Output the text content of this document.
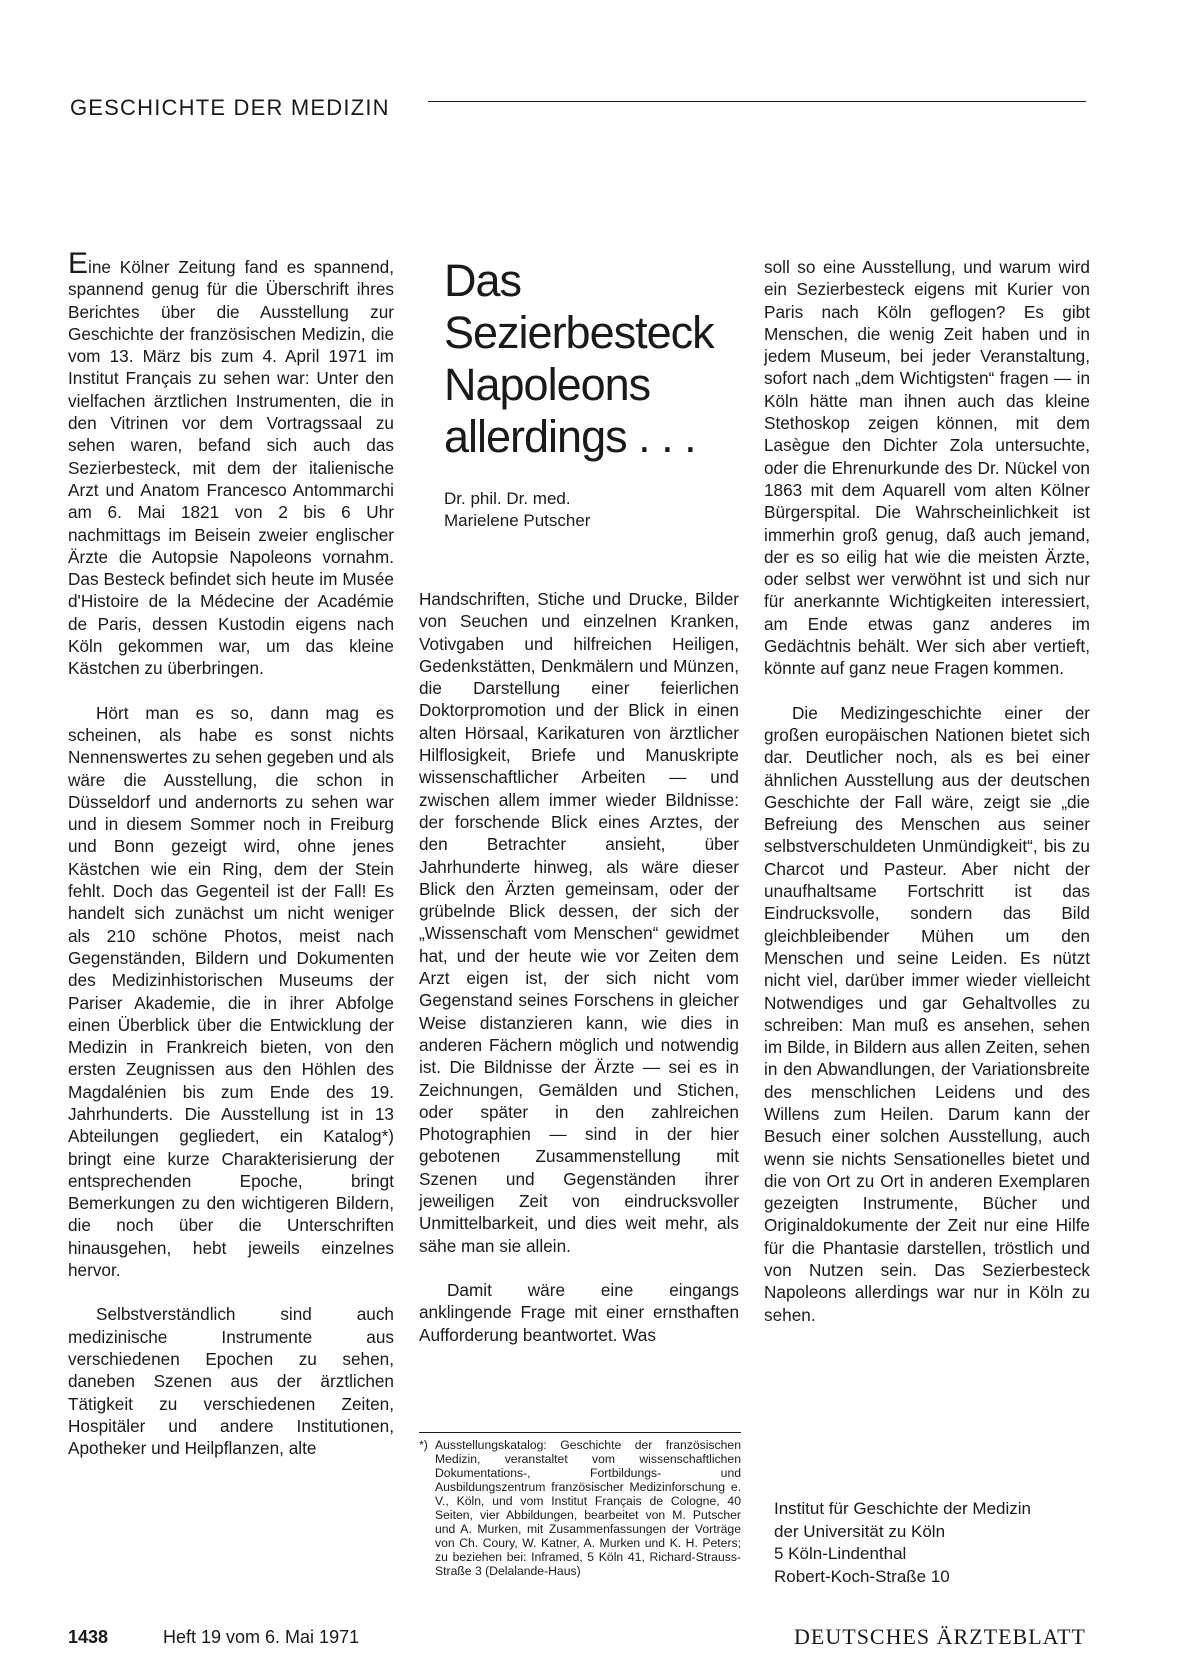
GESCHICHTE DER MEDIZIN

Eine Kölner Zeitung fand es spannend, spannend genug für die Überschrift ihres Berichtes über die Ausstellung zur Geschichte der französischen Medizin, die vom 13. März bis zum 4. April 1971 im Institut Français zu sehen war: Unter den vielfachen ärztlichen Instrumenten, die in den Vitrinen vor dem Vortragssaal zu sehen waren, befand sich auch das Sezierbesteck, mit dem der italienische Arzt und Anatom Francesco Antommarchi am 6. Mai 1821 von 2 bis 6 Uhr nachmittags im Beisein zweier englischer Ärzte die Autopsie Napoleons vornahm. Das Besteck befindet sich heute im Musée d'Histoire de la Médecine der Académie de Paris, dessen Kustodin eigens nach Köln gekommen war, um das kleine Kästchen zu überbringen.

Hört man es so, dann mag es scheinen, als habe es sonst nichts Nennenswertes zu sehen gegeben und als wäre die Ausstellung, die schon in Düsseldorf und andernorts zu sehen war und in diesem Sommer noch in Freiburg und Bonn gezeigt wird, ohne jenes Kästchen wie ein Ring, dem der Stein fehlt. Doch das Gegenteil ist der Fall! Es handelt sich zunächst um nicht weniger als 210 schöne Photos, meist nach Gegenständen, Bildern und Dokumenten des Medizinhistorischen Museums der Pariser Akademie, die in ihrer Abfolge einen Überblick über die Entwicklung der Medizin in Frankreich bieten, von den ersten Zeugnissen aus den Höhlen des Magdalénien bis zum Ende des 19. Jahrhunderts. Die Ausstellung ist in 13 Abteilungen gegliedert, ein Katalog*) bringt eine kurze Charakterisierung der entsprechenden Epoche, bringt Bemerkungen zu den wichtigeren Bildern, die noch über die Unterschriften hinausgehen, hebt jeweils einzelnes hervor.

Selbstverständlich sind auch medizinische Instrumente aus verschiedenen Epochen zu sehen, daneben Szenen aus der ärztlichen Tätigkeit zu verschiedenen Zeiten, Hospitäler und andere Institutionen, Apotheker und Heilpflanzen, alte

Das
Sezierbesteck
Napoleons
allerdings . . .
Dr. phil. Dr. med.
Marielene Putscher

Handschriften, Stiche und Drucke, Bilder von Seuchen und einzelnen Kranken, Votivgaben und hilfreichen Heiligen, Gedenkstätten, Denkmälern und Münzen, die Darstellung einer feierlichen Doktorpromotion und der Blick in einen alten Hörsaal, Karikaturen von ärztlicher Hilflosigkeit, Briefe und Manuskripte wissenschaftlicher Arbeiten — und zwischen allem immer wieder Bildnisse: der forschende Blick eines Arztes, der den Betrachter ansieht, über Jahrhunderte hinweg, als wäre dieser Blick den Ärzten gemeinsam, oder der grübelnde Blick dessen, der sich der „Wissenschaft vom Menschen“ gewidmet hat, und der heute wie vor Zeiten dem Arzt eigen ist, der sich nicht vom Gegenstand seines Forschens in gleicher Weise distanzieren kann, wie dies in anderen Fächern möglich und notwendig ist. Die Bildnisse der Ärzte — sei es in Zeichnungen, Gemälden und Stichen, oder später in den zahlreichen Photographien — sind in der hier gebotenen Zusammenstellung mit Szenen und Gegenständen ihrer jeweiligen Zeit von eindrucksvoller Unmittelbarkeit, und dies weit mehr, als sähe man sie allein.

Damit wäre eine eingangs anklingende Frage mit einer ernsthaften Aufforderung beantwortet. Was

*) Ausstellungskatalog: Geschichte der französischen Medizin, veranstaltet vom wissenschaftlichen Dokumentations-, Fortbildungs- und Ausbildungszentrum französischer Medizinforschung e. V., Köln, und vom Institut Français de Cologne, 40 Seiten, vier Abbildungen, bearbeitet von M. Putscher und A. Murken, mit Zusammenfassungen der Vorträge von Ch. Coury, W. Katner, A. Murken und K. H. Peters; zu beziehen bei: Inframed, 5 Köln 41, Richard-Strauss-Straße 3 (Delalande-Haus)

soll so eine Ausstellung, und warum wird ein Sezierbesteck eigens mit Kurier von Paris nach Köln geflogen? Es gibt Menschen, die wenig Zeit haben und in jedem Museum, bei jeder Veranstaltung, sofort nach „dem Wichtigsten“ fragen — in Köln hätte man ihnen auch das kleine Stethoskop zeigen können, mit dem Lasègue den Dichter Zola untersuchte, oder die Ehrenurkunde des Dr. Nückel von 1863 mit dem Aquarell vom alten Kölner Bürgerspital. Die Wahrscheinlichkeit ist immerhin groß genug, daß auch jemand, der es so eilig hat wie die meisten Ärzte, oder selbst wer verwöhnt ist und sich nur für anerkannte Wichtigkeiten interessiert, am Ende etwas ganz anderes im Gedächtnis behält. Wer sich aber vertieft, könnte auf ganz neue Fragen kommen.

Die Medizingeschichte einer der großen europäischen Nationen bietet sich dar. Deutlicher noch, als es bei einer ähnlichen Ausstellung aus der deutschen Geschichte der Fall wäre, zeigt sie „die Befreiung des Menschen aus seiner selbstverschuldeten Unmündigkeit“, bis zu Charcot und Pasteur. Aber nicht der unaufhaltsame Fortschritt ist das Eindrucksvolle, sondern das Bild gleichbleibender Mühen um den Menschen und seine Leiden. Es nützt nicht viel, darüber immer wieder vielleicht Notwendiges und gar Gehaltvolles zu schreiben: Man muß es ansehen, sehen im Bilde, in Bildern aus allen Zeiten, sehen in den Abwandlungen, der Variationsbreite des menschlichen Leidens und des Willens zum Heilen. Darum kann der Besuch einer solchen Ausstellung, auch wenn sie nichts Sensationelles bietet und die von Ort zu Ort in anderen Exemplaren gezeigten Instrumente, Bücher und Originaldokumente der Zeit nur eine Hilfe für die Phantasie darstellen, tröstlich und von Nutzen sein. Das Sezierbesteck Napoleons allerdings war nur in Köln zu sehen.

Institut für Geschichte der Medizin
der Universität zu Köln
5 Köln-Lindenthal
Robert-Koch-Straße 10
1438	Heft 19 vom 6. Mai 1971	DEUTSCHES ÄRZTEBLATT
